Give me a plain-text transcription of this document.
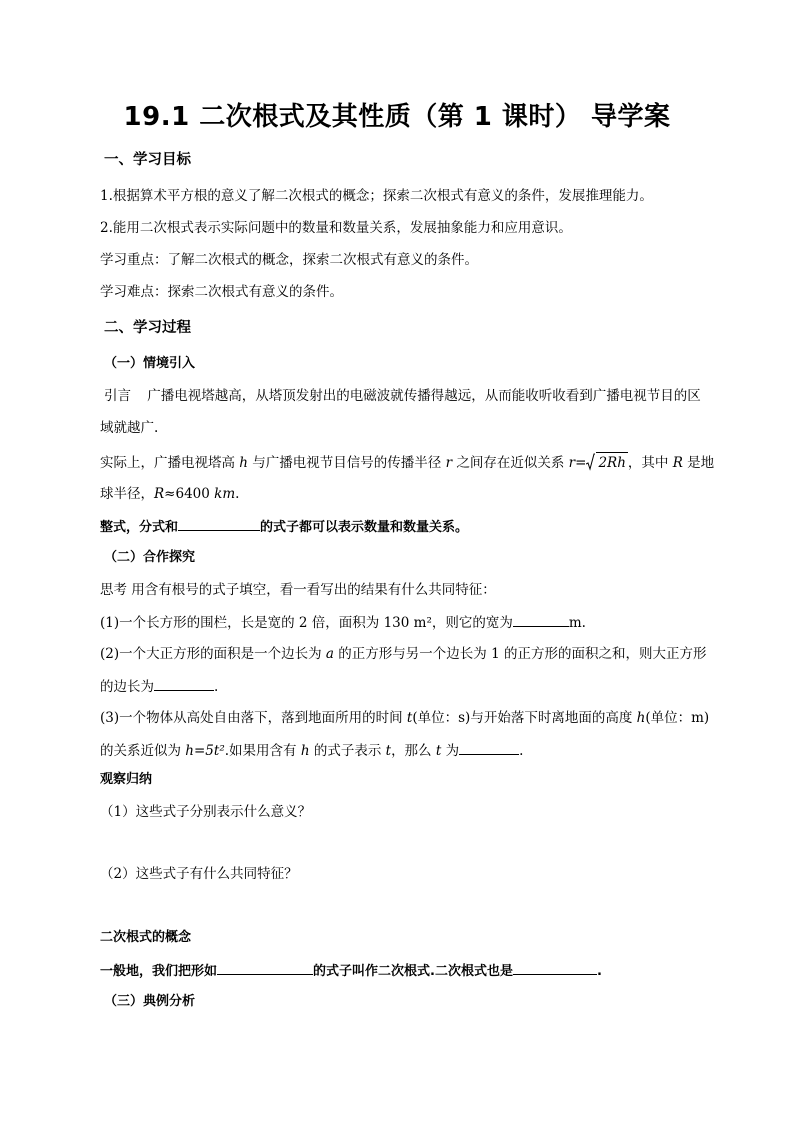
19.1 二次根式及其性质（第 1 课时） 导学案
一、学习目标
1.根据算术平方根的意义了解二次根式的概念；探索二次根式有意义的条件，发展推理能力。
2.能用二次根式表示实际问题中的数量和数量关系，发展抽象能力和应用意识。
学习重点：了解二次根式的概念，探索二次根式有意义的条件。
学习难点：探索二次根式有意义的条件。
二、学习过程
（一）情境引入
引言 广播电视塔越高，从塔顶发射出的电磁波就传播得越远，从而能收听收看到广播电视节目的区
域就越广.
实际上，广播电视塔高 h 与广播电视节目信号的传播半径 r 之间存在近似关系 r= 2Rh ，其中 R 是地
球半径，R≈6400 km.
整式，分式和	的式子都可以表示数量和数量关系。
（二）合作探究
思考 用含有根号的式子填空，看一看写出的结果有什么共同特征：
(1)一个长方形的围栏，长是宽的 2 倍，面积为 130 m²，则它的宽为	m.
(2)一个大正方形的面积是一个边长为 a 的正方形与另一个边长为 1 的正方形的面积之和，则大正方形
的边长为	.
(3)一个物体从高处自由落下，落到地面所用的时间 t(单位：s)与开始落下时离地面的高度 h(单位：m)
的关系近似为 h=5t².如果用含有 h 的式子表示 t，那么 t 为	.
观察归纳
（1）这些式子分别表示什么意义？
（2）这些式子有什么共同特征？
二次根式的概念
一般地，我们把形如	的式子叫作二次根式.二次根式也是	.
（三）典例分析
